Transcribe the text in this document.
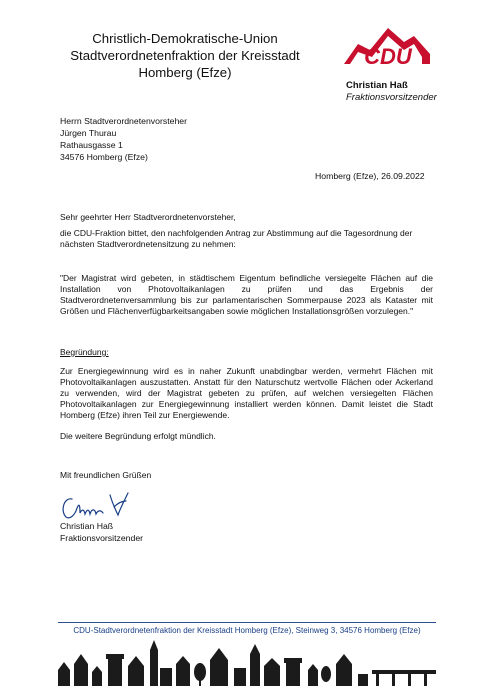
Christlich-Demokratische-Union
Stadtverordnetenfraktion der Kreisstadt
Homberg (Efze)
CDU
Christian Haß
Fraktionsvorsitzender
Herrn Stadtverordnetenvorsteher
Jürgen Thurau
Rathausgasse 1
34576 Homberg (Efze)
Homberg (Efze), 26.09.2022
Sehr geehrter Herr Stadtverordnetenvorsteher,
die CDU-Fraktion bittet, den nachfolgenden Antrag zur Abstimmung auf die Tagesordnung der nächsten Stadtverordnetensitzung zu nehmen:
"Der Magistrat wird gebeten, in städtischem Eigentum befindliche versiegelte Flächen auf die Installation von Photovoltaikanlagen zu prüfen und das Ergebnis der Stadtverordnetenversammlung bis zur parlamentarischen Sommerpause 2023 als Kataster mit Größen und Flächenverfügbarkeitsangaben sowie möglichen Installationsgrößen vorzulegen."
Begründung:
Zur Energiegewinnung wird es in naher Zukunft unabdingbar werden, vermehrt Flächen mit Photovoltaikanlagen auszustatten. Anstatt für den Naturschutz wertvolle Flächen oder Ackerland zu verwenden, wird der Magistrat gebeten zu prüfen, auf welchen versiegelten Flächen Photovoltaikanlagen zur Energiegewinnung installiert werden können. Damit leistet die Stadt Homberg (Efze) ihren Teil zur Energiewende.
Die weitere Begründung erfolgt mündlich.
Mit freundlichen Grüßen
Christian Haß
Fraktionsvorsitzender
CDU-Stadtverordnetenfraktion der Kreisstadt Homberg (Efze), Steinweg 3, 34576 Homberg (Efze)
